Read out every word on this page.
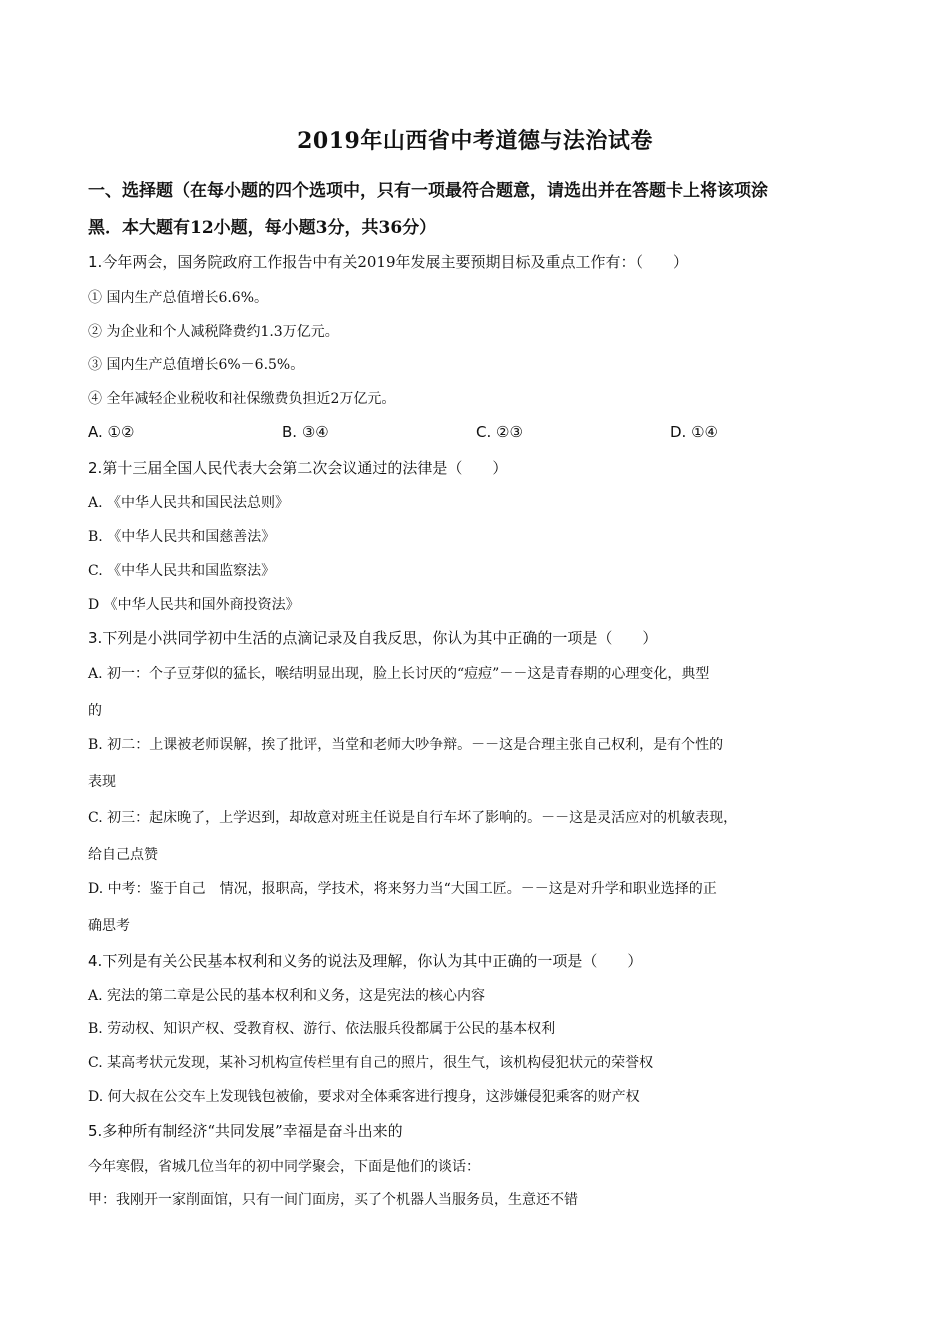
2019年山西省中考道德与法治试卷
一、选择题（在每小题的四个选项中，只有一项最符合题意，请选出并在答题卡上将该项涂
黑．本大题有12小题，每小题3分，共36分）
1.今年两会，国务院政府工作报告中有关2019年发展主要预期目标及重点工作有：（　　）
① 国内生产总值增长6.6%。
② 为企业和个人减税降费约1.3万亿元。
③ 国内生产总值增长6%－6.5%。
④ 全年减轻企业税收和社保缴费负担近2万亿元。
A. ①②	B. ③④	C. ②③	D. ①④
2.第十三届全国人民代表大会第二次会议通过的法律是（　　）
A. 《中华人民共和国民法总则》
B. 《中华人民共和国慈善法》
C. 《中华人民共和国监察法》
D 《中华人民共和国外商投资法》
3.下列是小洪同学初中生活的点滴记录及自我反思，你认为其中正确的一项是（　　）
A. 初一：个子豆芽似的猛长，喉结明显出现，脸上长讨厌的“痘痘”－－这是青春期的心理变化，典型
的
B. 初二：上课被老师误解，挨了批评，当堂和老师大吵争辩。－－这是合理主张自己权利，是有个性的
表现
C. 初三：起床晚了，上学迟到，却故意对班主任说是自行车坏了影响的。－－这是灵活应对的机敏表现，
给自己点赞
D. 中考：鉴于自己　情况，报职高，学技术，将来努力当“大国工匠。－－这是对升学和职业选择的正
确思考
4.下列是有关公民基本权利和义务的说法及理解，你认为其中正确的一项是（　　）
A. 宪法的第二章是公民的基本权利和义务，这是宪法的核心内容
B. 劳动权、知识产权、受教育权、游行、依法服兵役都属于公民的基本权利
C. 某高考状元发现，某补习机构宣传栏里有自己的照片，很生气，该机构侵犯状元的荣誉权
D. 何大叔在公交车上发现钱包被偷，要求对全体乘客进行搜身，这涉嫌侵犯乘客的财产权
5.多种所有制经济“共同发展”幸福是奋斗出来的
今年寒假，省城几位当年的初中同学聚会，下面是他们的谈话：
甲：我刚开一家削面馆，只有一间门面房，买了个机器人当服务员，生意还不错
